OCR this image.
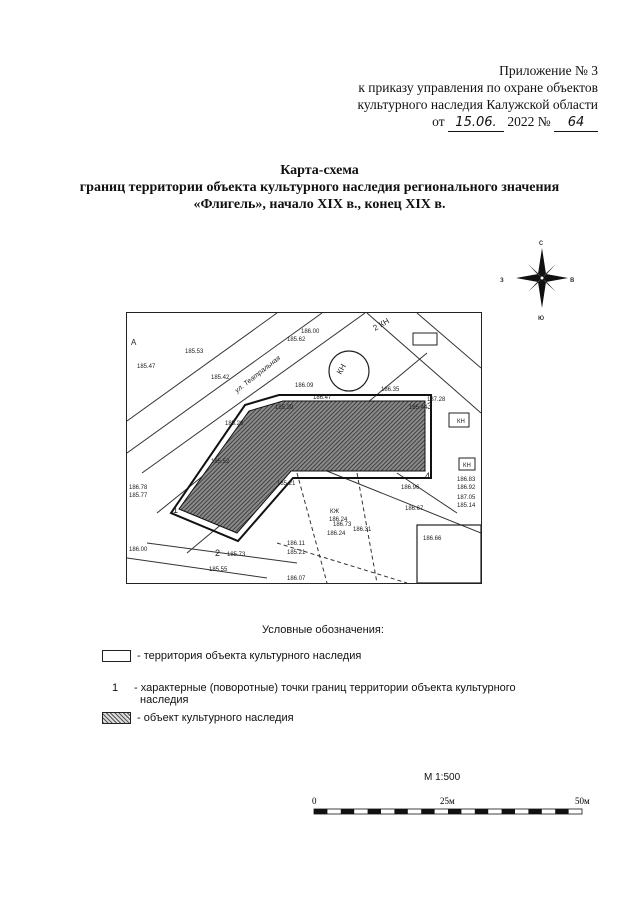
Приложение № 3
к приказу управления по охране объектов
культурного наследия Калужской области
от 15.06. 2022 № 64
Карта-схема
границ территории объекта культурного наследия регионального значения
«Флигель», начало XIX в., конец XIX в.
с
в
ю
з
ул. Театральная
А
КН
2 КН
КЖ
КН
КН
1
2
3
4
185.47
185.53
185.42
185.62
186.00
185.28
186.09
185.39
185.52
185.21
186.47
186.35
185.44
186.96
186.67
186.11
185.21
186.24
186.24
186.66
185.73
185.55
186.78
185.77	187.05
185.14
186.73
186.31
187.28
186.83
186.92
186.00
186.07
Условные обозначения:
- территория объекта культурного наследия
1 - характерные (поворотные) точки границ территории объекта культурного
наследия
- объект культурного наследия
М 1:500
0	25м	50м
